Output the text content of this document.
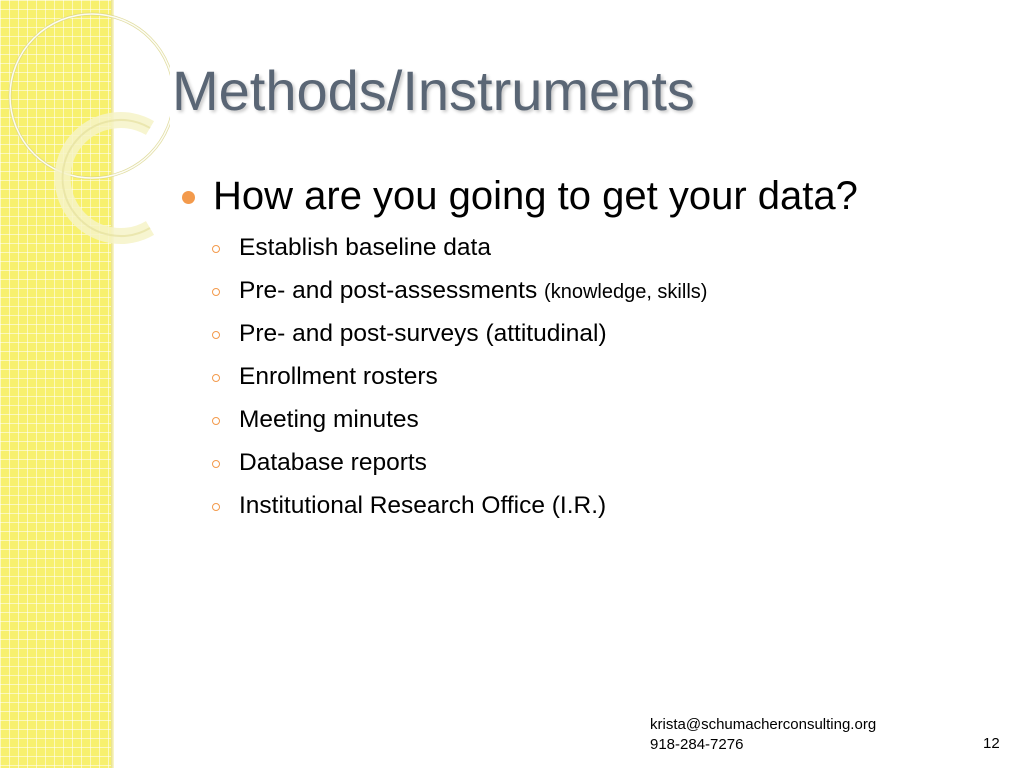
Methods/Instruments
How are you going to get your data?
Establish baseline data
Pre- and post-assessments (knowledge, skills)
Pre- and post-surveys (attitudinal)
Enrollment rosters
Meeting minutes
Database reports
Institutional Research Office (I.R.)
krista@schumacherconsulting.org
918-284-7276	12
